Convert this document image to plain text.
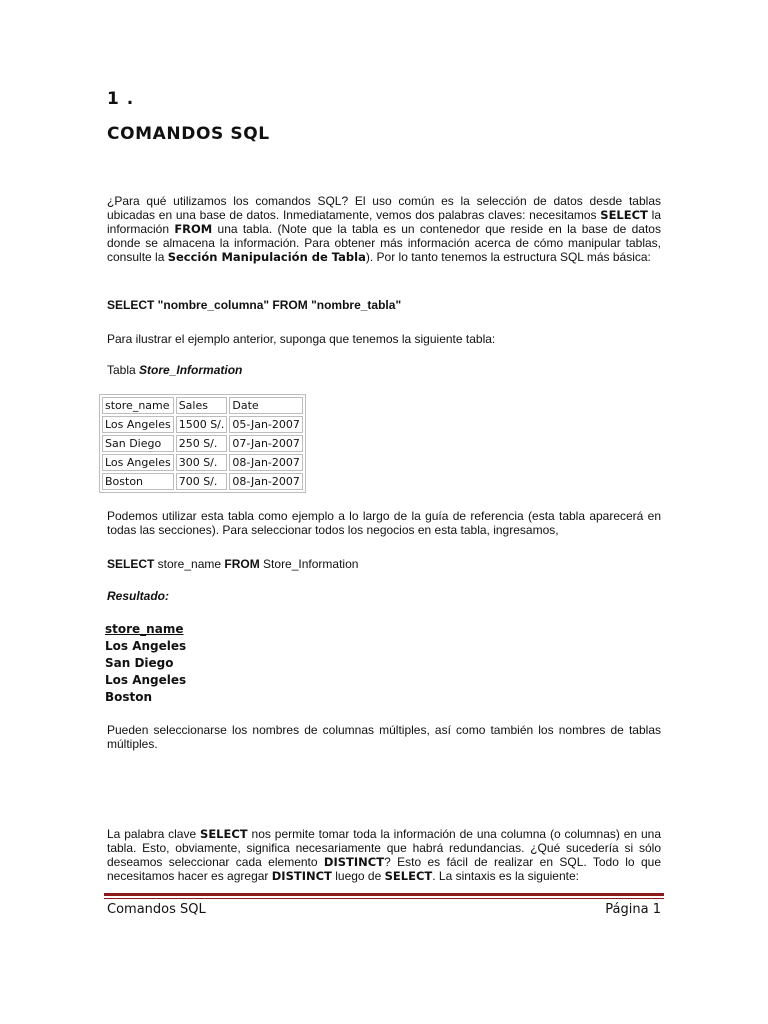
1 .
COMANDOS SQL
¿Para qué utilizamos los comandos SQL? El uso común es la selección de datos desde tablas ubicadas en una base de datos. Inmediatamente, vemos dos palabras claves: necesitamos SELECT la información FROM una tabla. (Note que la tabla es un contenedor que reside en la base de datos donde se almacena la información. Para obtener más información acerca de cómo manipular tablas, consulte la Sección Manipulación de Tabla). Por lo tanto tenemos la estructura SQL más básica:
SELECT "nombre_columna" FROM "nombre_tabla"
Para ilustrar el ejemplo anterior, suponga que tenemos la siguiente tabla:
Tabla Store_Information
store_name	Sales	Date
Los Angeles	1500 S/.	05-Jan-2007
San Diego	250 S/.	07-Jan-2007
Los Angeles	300 S/.	08-Jan-2007
Boston	700 S/.	08-Jan-2007
Podemos utilizar esta tabla como ejemplo a lo largo de la guía de referencia (esta tabla aparecerá en todas las secciones). Para seleccionar todos los negocios en esta tabla, ingresamos,
SELECT store_name FROM Store_Information
Resultado:
store_name
Los Angeles
San Diego
Los Angeles
Boston
Pueden seleccionarse los nombres de columnas múltiples, así como también los nombres de tablas múltiples.
La palabra clave SELECT nos permite tomar toda la información de una columna (o columnas) en una tabla. Esto, obviamente, significa necesariamente que habrá redundancias. ¿Qué sucedería si sólo deseamos seleccionar cada elemento DISTINCT? Esto es fácil de realizar en SQL. Todo lo que necesitamos hacer es agregar DISTINCT luego de SELECT. La sintaxis es la siguiente:
Comandos SQL	Página 1
